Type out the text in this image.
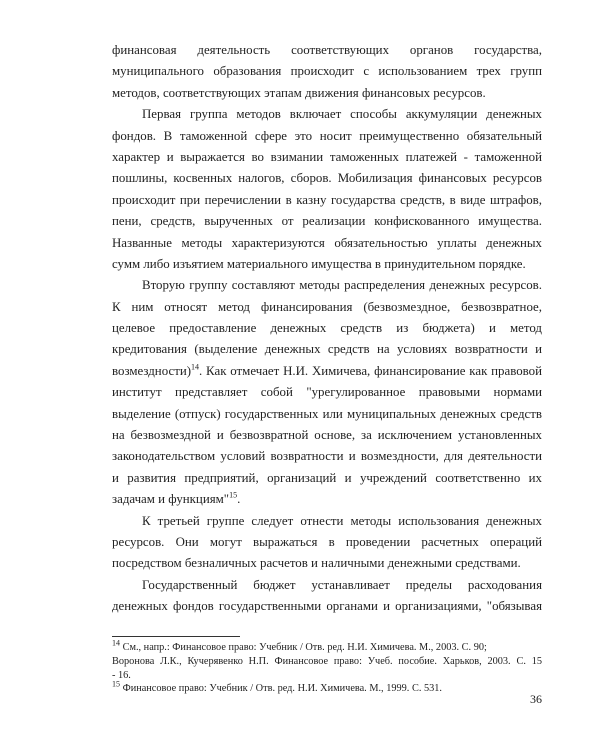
финансовая деятельность соответствующих органов государства,
муниципального образования происходит с использованием трех групп
методов, соответствующих этапам движения финансовых ресурсов.
Первая группа методов включает способы аккумуляции денежных
фондов. В таможенной сфере это носит преимущественно обязательный
характер и выражается во взимании таможенных платежей - таможенной
пошлины, косвенных налогов, сборов. Мобилизация финансовых ресурсов
происходит при перечислении в казну государства средств, в виде штрафов,
пени, средств, вырученных от реализации конфискованного имущества.
Названные методы характеризуются обязательностью уплаты денежных
сумм либо изъятием материального имущества в принудительном порядке.
Вторую группу составляют методы распределения денежных ресурсов.
К ним относят метод финансирования (безвозмездное, безвозвратное,
целевое предоставление денежных средств из бюджета) и метод
кредитования (выделение денежных средств на условиях возвратности и
возмездности)$^{14}$. Как отмечает Н.И. Химичева, финансирование как правовой
институт представляет собой "урегулированное правовыми нормами
выделение (отпуск) государственных или муниципальных денежных средств
на безвозмездной и безвозвратной основе, за исключением установленных
законодательством условий возвратности и возмездности, для деятельности
и развития предприятий, организаций и учреждений соответственно их
задачам и функциям"$^{15}$.
К третьей группе следует отнести методы использования денежных
ресурсов. Они могут выражаться в проведении расчетных операций
посредством безналичных расчетов и наличными денежными средствами.
Государственный бюджет устанавливает пределы расходования
денежных фондов государственными органами и организациями, "обязывая
$^{14}$ См., напр.: Финансовое право: Учебник / Отв. ред. Н.И. Химичева. М., 2003. С. 90;
Воронова Л.К., Кучерявенко Н.П. Финансовое право: Учеб. пособие. Харьков, 2003. С. 15
- 16.
$^{15}$ Финансовое право: Учебник / Отв. ред. Н.И. Химичева. М., 1999. С. 531.
36
